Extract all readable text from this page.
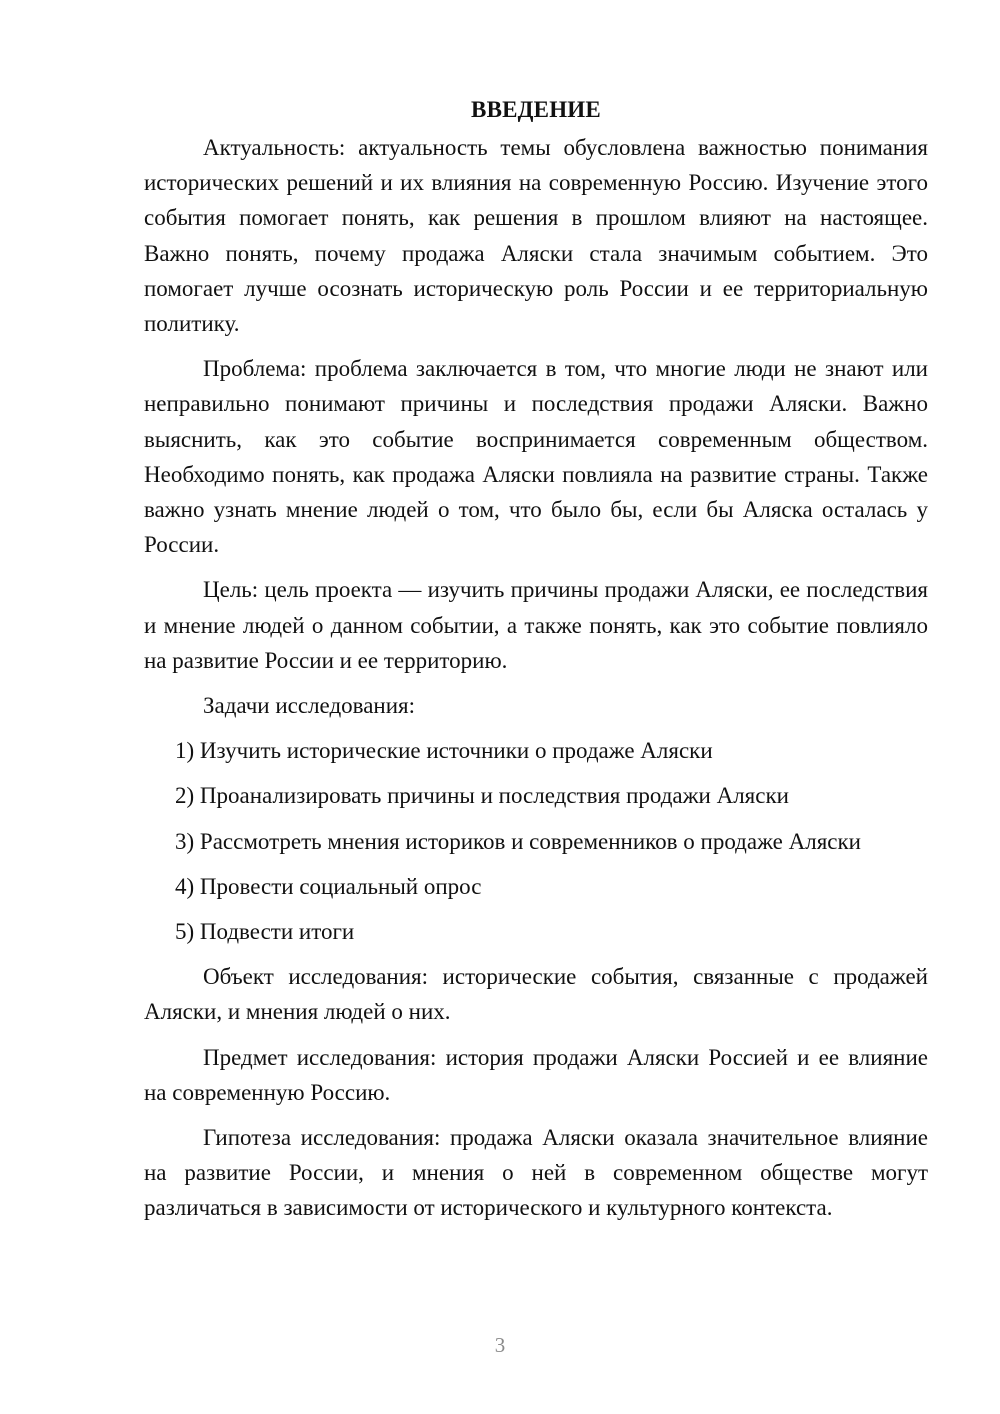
ВВЕДЕНИЕ

Актуальность: актуальность темы обусловлена важностью понимания исторических решений и их влияния на современную Россию. Изучение этого события помогает понять, как решения в прошлом влияют на настоящее. Важно понять, почему продажа Аляски стала значимым событием. Это помогает лучше осознать историческую роль России и ее территориальную политику.

Проблема: проблема заключается в том, что многие люди не знают или неправильно понимают причины и последствия продажи Аляски. Важно выяснить, как это событие воспринимается современным обществом. Необходимо понять, как продажа Аляски повлияла на развитие страны. Также важно узнать мнение людей о том, что было бы, если бы Аляска осталась у России.

Цель: цель проекта — изучить причины продажи Аляски, ее последствия и мнение людей о данном событии, а также понять, как это событие повлияло на развитие России и ее территорию.

Задачи исследования:

1) Изучить исторические источники о продаже Аляски
2) Проанализировать причины и последствия продажи Аляски
3) Рассмотреть мнения историков и современников о продаже Аляски
4) Провести социальный опрос
5) Подвести итоги

Объект исследования: исторические события, связанные с продажей Аляски, и мнения людей о них.

Предмет исследования: история продажи Аляски Россией и ее влияние на современную Россию.

Гипотеза исследования: продажа Аляски оказала значительное влияние на развитие России, и мнения о ней в современном обществе могут различаться в зависимости от исторического и культурного контекста.

3
